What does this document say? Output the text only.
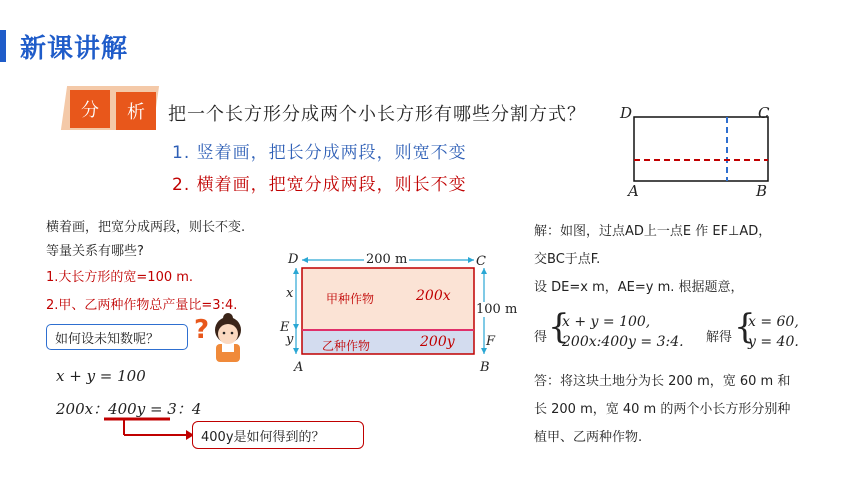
新课讲解
分	析	把一个长方形分成两个小长方形有哪些分割方式？
1. 竖着画，把长分成两段，则宽不变
2. 横着画，把宽分成两段，则长不变
D	C
A	B
横着画，把宽分成两段，则长不变.
等量关系有哪些?
1.大长方形的宽=100 m.
2.甲、乙两种作物总产量比=3:4.
如何设未知数呢？ ?
x + y = 100
200x：400y = 3：4
400y是如何得到的？
200 m
100 m
D	C
A	B
E
F
x
y
甲种作物	200x
乙种作物	200y
解：如图，过点AD上一点E 作 EF⊥AD，
交BC于点F.
设 DE=x m，AE=y m. 根据题意，
得 {
x + y = 100,
200x:400y = 3:4. 解得 {
x = 60,
y = 40.
答：将这块土地分为长 200 m，宽 60 m 和
长 200 m，宽 40 m 的两个小长方形分别种
植甲、乙两种作物.
